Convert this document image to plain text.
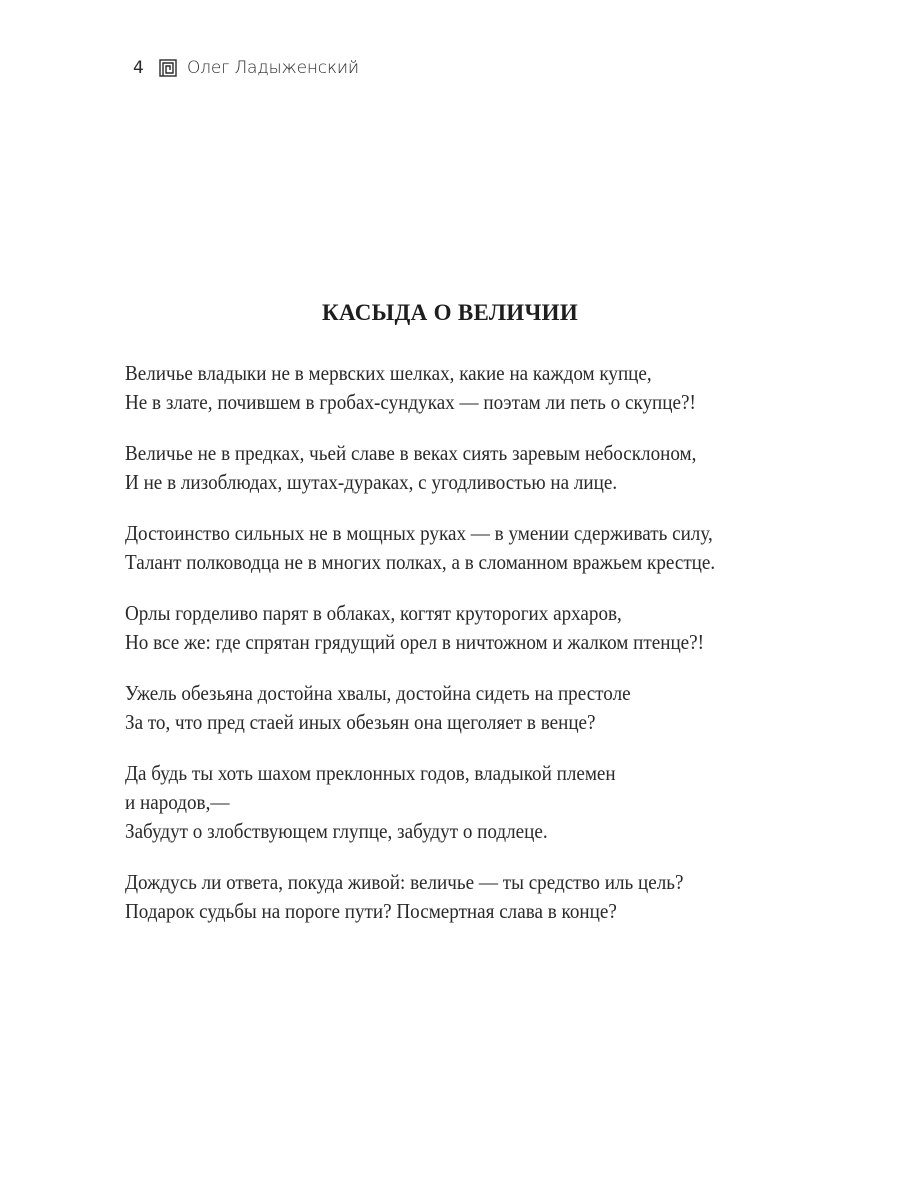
4	Олег Ладыженский
КАСЫДА О ВЕЛИЧИИ
Величье владыки не в мервских шелках, какие на каждом купце,
Не в злате, почившем в гробах-сундуках — поэтам ли петь о скупце?!
Величье не в предках, чьей славе в веках сиять заревым небосклоном,
И не в лизоблюдах, шутах-дураках, с угодливостью на лице.
Достоинство сильных не в мощных руках — в умении сдерживать силу,
Талант полководца не в многих полках, а в сломанном вражьем крестце.
Орлы горделиво парят в облаках, когтят круторогих архаров,
Но все же: где спрятан грядущий орел в ничтожном и жалком птенце?!
Ужель обезьяна достойна хвалы, достойна сидеть на престоле
За то, что пред стаей иных обезьян она щеголяет в венце?
Да будь ты хоть шахом преклонных годов, владыкой племен
и народов,—
Забудут о злобствующем глупце, забудут о подлеце.
Дождусь ли ответа, покуда живой: величье — ты средство иль цель?
Подарок судьбы на пороге пути? Посмертная слава в конце?
